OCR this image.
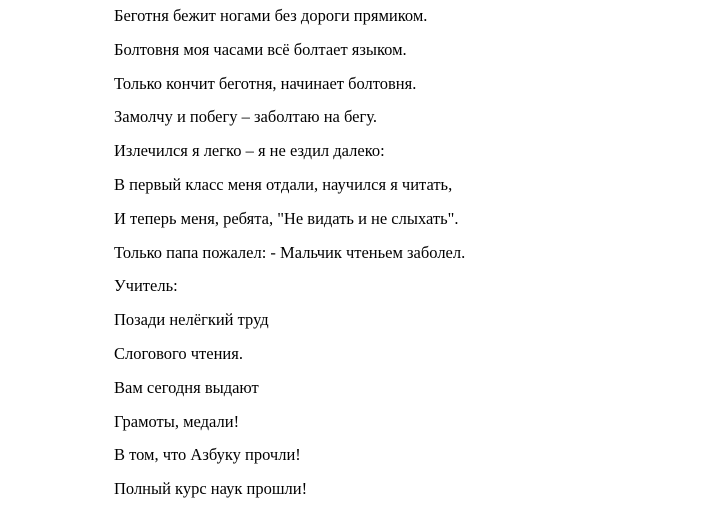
Беготня бежит ногами без дороги прямиком.
Болтовня моя часами всё болтает языком.
Только кончит беготня, начинает болтовня.
Замолчу и побегу – заболтаю на бегу.
Излечился я легко – я не ездил далеко:
В первый класс меня отдали, научился я читать,
И теперь меня, ребята, "Не видать и не слыхать".
Только папа пожалел: - Мальчик чтеньем заболел.
Учитель:
Позади нелёгкий труд
Слогового чтения.
Вам сегодня выдают
Грамоты, медали!
В том, что Азбуку прочли!
Полный курс наук прошли!
